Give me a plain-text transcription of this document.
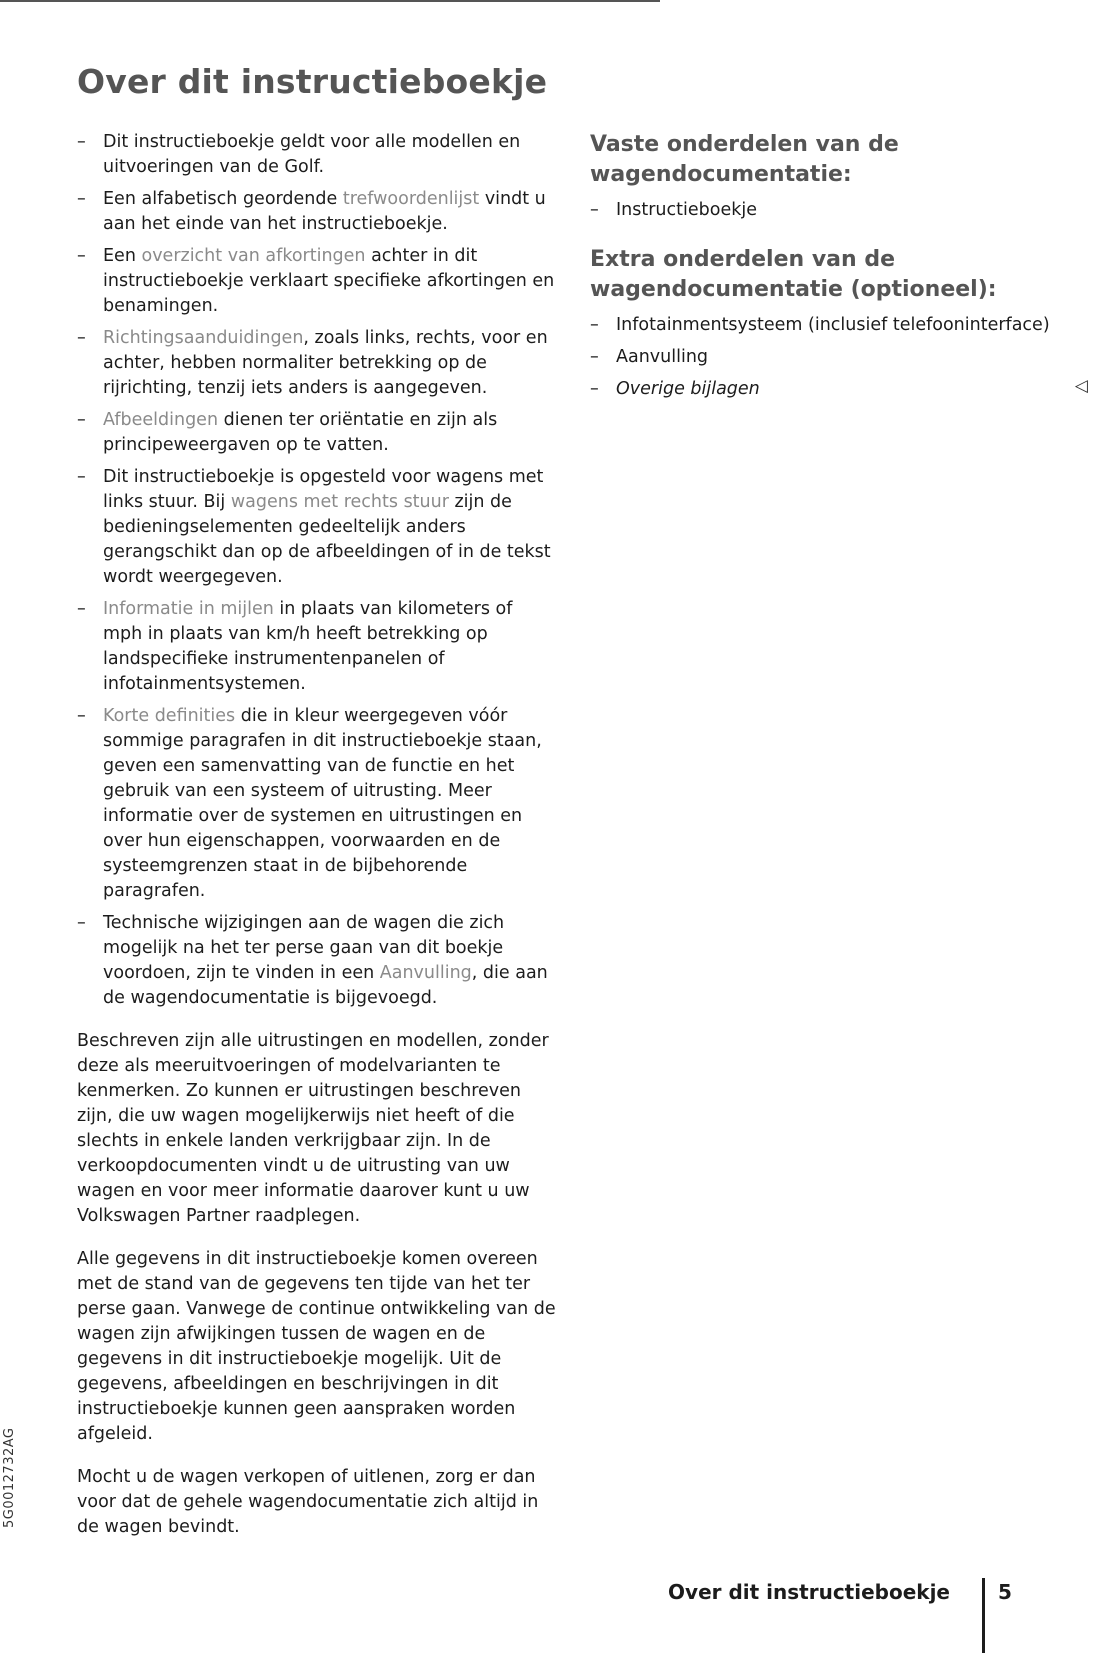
Over dit instructieboekje
– Dit instructieboekje geldt voor alle modellen en uitvoeringen van de Golf.
– Een alfabetisch geordende trefwoordenlijst vindt u aan het einde van het instructieboekje.
– Een overzicht van afkortingen achter in dit instructieboekje verklaart specifieke afkortingen en benamingen.
– Richtingsaanduidingen, zoals links, rechts, voor en achter, hebben normaliter betrekking op de rijrichting, tenzij iets anders is aangegeven.
– Afbeeldingen dienen ter oriëntatie en zijn als principeweergaven op te vatten.
– Dit instructieboekje is opgesteld voor wagens met links stuur. Bij wagens met rechts stuur zijn de bedieningselementen gedeeltelijk anders gerangschikt dan op de afbeeldingen of in de tekst wordt weergegeven.
– Informatie in mijlen in plaats van kilometers of mph in plaats van km/h heeft betrekking op landspecifieke instrumentenpanelen of infotainmentsystemen.
– Korte definities die in kleur weergegeven vóór sommige paragrafen in dit instructieboekje staan, geven een samenvatting van de functie en het gebruik van een systeem of uitrusting. Meer informatie over de systemen en uitrustingen en over hun eigenschappen, voorwaarden en de systeemgrenzen staat in de bijbehorende paragrafen.
– Technische wijzigingen aan de wagen die zich mogelijk na het ter perse gaan van dit boekje voordoen, zijn te vinden in een Aanvulling, die aan de wagendocumentatie is bijgevoegd.

Beschreven zijn alle uitrustingen en modellen, zonder deze als meeruitvoeringen of modelvarianten te kenmerken. Zo kunnen er uitrustingen beschreven zijn, die uw wagen mogelijkerwijs niet heeft of die slechts in enkele landen verkrijgbaar zijn. In de verkoopdocumenten vindt u de uitrusting van uw wagen en voor meer informatie daarover kunt u uw Volkswagen Partner raadplegen.

Alle gegevens in dit instructieboekje komen overeen met de stand van de gegevens ten tijde van het ter perse gaan. Vanwege de continue ontwikkeling van de wagen zijn afwijkingen tussen de wagen en de gegevens in dit instructieboekje mogelijk. Uit de gegevens, afbeeldingen en beschrijvingen in dit instructieboekje kunnen geen aanspraken worden afgeleid.

Mocht u de wagen verkopen of uitlenen, zorg er dan voor dat de gehele wagendocumentatie zich altijd in de wagen bevindt.

Vaste onderdelen van de wagendocumentatie:
– Instructieboekje
Extra onderdelen van de wagendocumentatie (optioneel):
– Infotainmentsysteem (inclusief telefooninterface)
– Aanvulling
– Overige bijlagen	◁
5G0012732AG
Over dit instructieboekje 5
